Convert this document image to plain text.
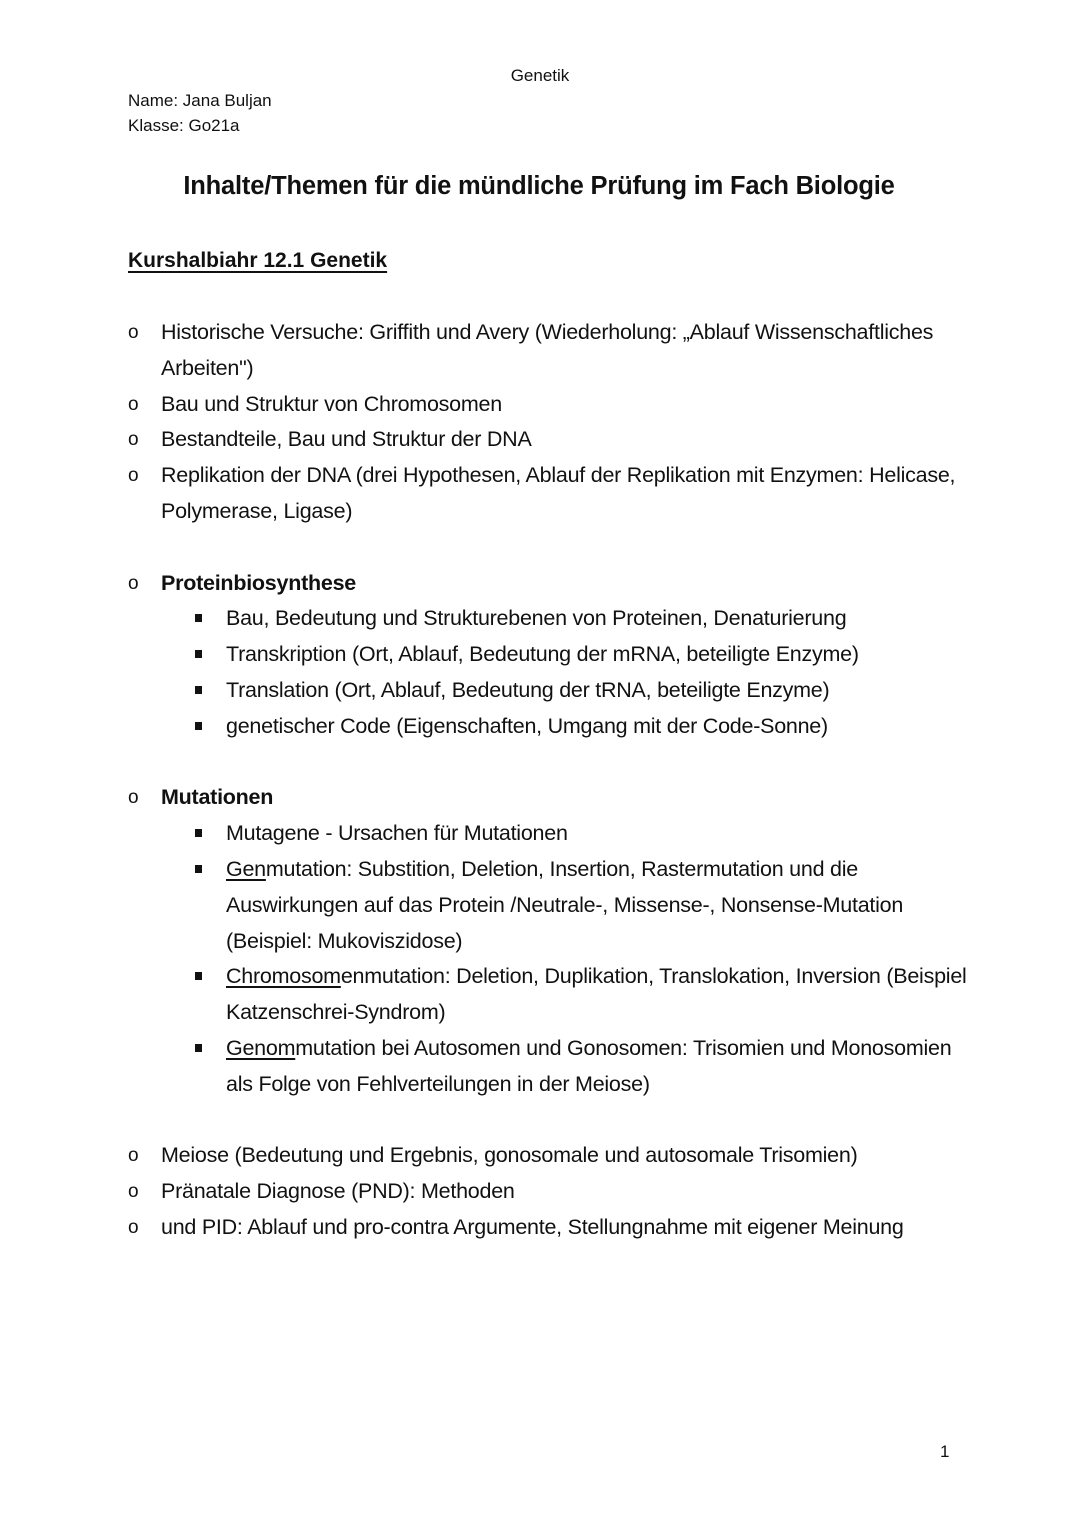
Genetik
Name: Jana Buljan
Klasse: Go21a
Inhalte/Themen für die mündliche Prüfung im Fach Biologie
Kurshalbiahr 12.1 Genetik
o	Historische Versuche: Griffith und Avery (Wiederholung: „Ablauf Wissenschaftliches Arbeiten")
o	Bau und Struktur von Chromosomen
o	Bestandteile, Bau und Struktur der DNA
o	Replikation der DNA (drei Hypothesen, Ablauf der Replikation mit Enzymen: Helicase, Polymerase, Ligase)
o	Proteinbiosynthese
Bau, Bedeutung und Strukturebenen von Proteinen, Denaturierung
Transkription (Ort, Ablauf, Bedeutung der mRNA, beteiligte Enzyme)
Translation (Ort, Ablauf, Bedeutung der tRNA, beteiligte Enzyme)
genetischer Code (Eigenschaften, Umgang mit der Code-Sonne)
o	Mutationen
Mutagene - Ursachen für Mutationen
Genmutation: Substition, Deletion, Insertion, Rastermutation und die Auswirkungen auf das Protein /Neutrale-, Missense-, Nonsense-Mutation (Beispiel: Mukoviszidose)
Chromosomenmutation: Deletion, Duplikation, Translokation, Inversion (Beispiel Katzenschrei-Syndrom)
Genommutation bei Autosomen und Gonosomen: Trisomien und Monosomien als Folge von Fehlverteilungen in der Meiose)
o	Meiose (Bedeutung und Ergebnis, gonosomale und autosomale Trisomien)
o	Pränatale Diagnose (PND): Methoden
o	und PID: Ablauf und pro-contra Argumente, Stellungnahme mit eigener Meinung
1
